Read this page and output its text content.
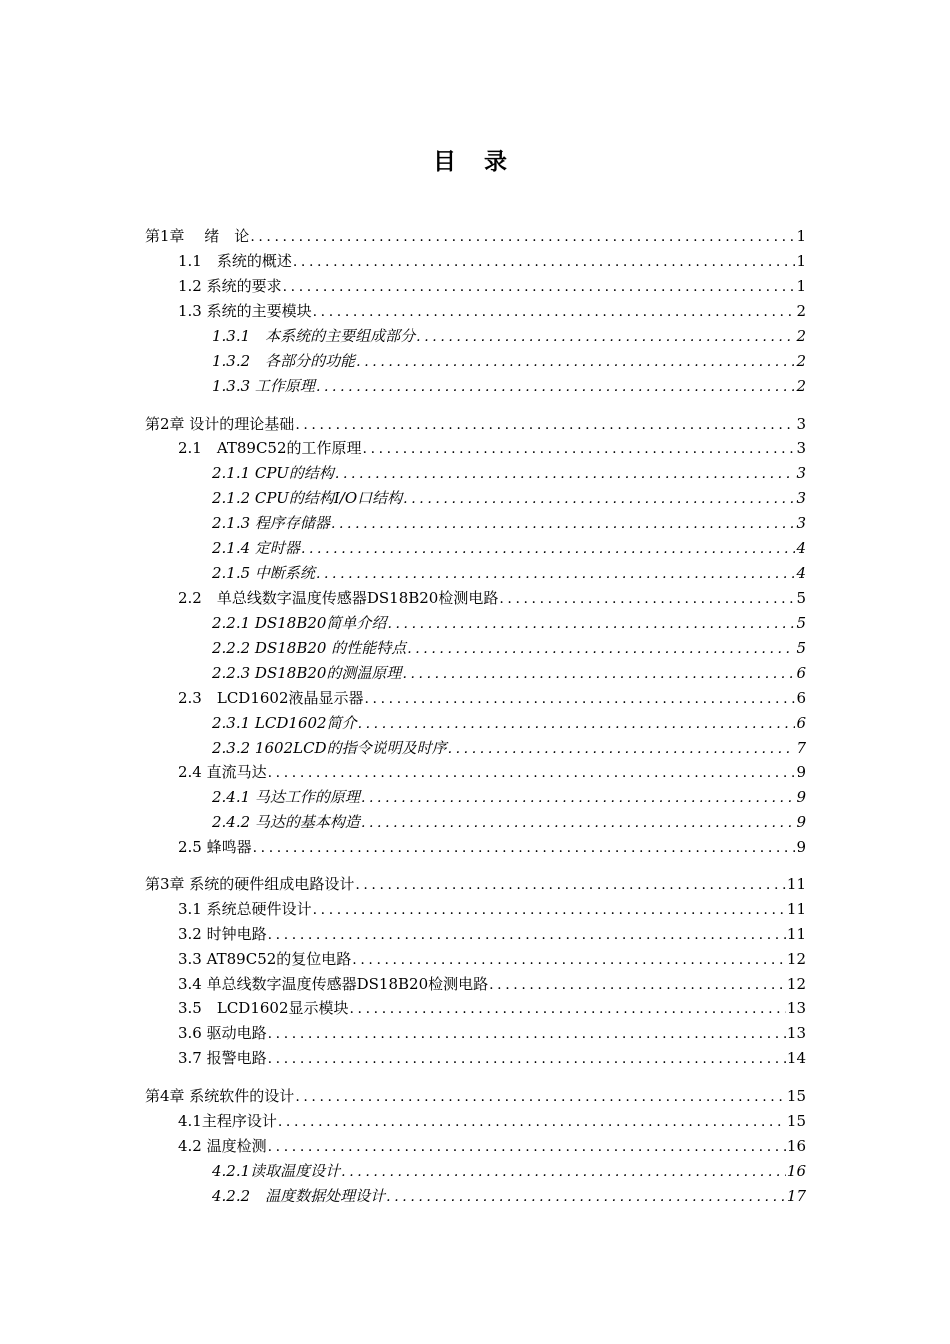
目 录
第1章　 绪　论 .....	1
1.1　系统的概述 .....	1
1.2 系统的要求 .....	1
1.3 系统的主要模块 .....	2
1.3.1　本系统的主要组成部分 .....	2
1.3.2　各部分的功能 .....	2
1.3.3 工作原理 .....	2
第2章 设计的理论基础 .....	3
2.1　AT89C52的工作原理 .....	3
2.1.1 CPU的结构 .....	3
2.1.2 CPU的结构I/O口结构 .....	3
2.1.3 程序存储器 .....	3
2.1.4 定时器 .....	4
2.1.5 中断系统 .....	4
2.2　单总线数字温度传感器DS18B20检测电路 .....	5
2.2.1 DS18B20简单介绍 .....	5
2.2.2 DS18B20 的性能特点 .....	5
2.2.3 DS18B20的测温原理 .....	6
2.3　LCD1602液晶显示器 .....	6
2.3.1 LCD1602简介 .....	6
2.3.2 1602LCD的指令说明及时序 .....	7
2.4 直流马达 .....	9
2.4.1 马达工作的原理 .....	9
2.4.2 马达的基本构造 .....	9
2.5 蜂鸣器 .....	9
第3章 系统的硬件组成电路设计 .....	11
3.1 系统总硬件设计 .....	11
3.2 时钟电路 .....	11
3.3 AT89C52的复位电路 .....	12
3.4 单总线数字温度传感器DS18B20检测电路 .....	12
3.5　LCD1602显示模块 .....	13
3.6 驱动电路 .....	13
3.7 报警电路 .....	14
第4章 系统软件的设计 .....	15
4.1主程序设计 .....	15
4.2 温度检测 .....	16
4.2.1读取温度设计 .....	16
4.2.2　温度数据处理设计 .....	17
